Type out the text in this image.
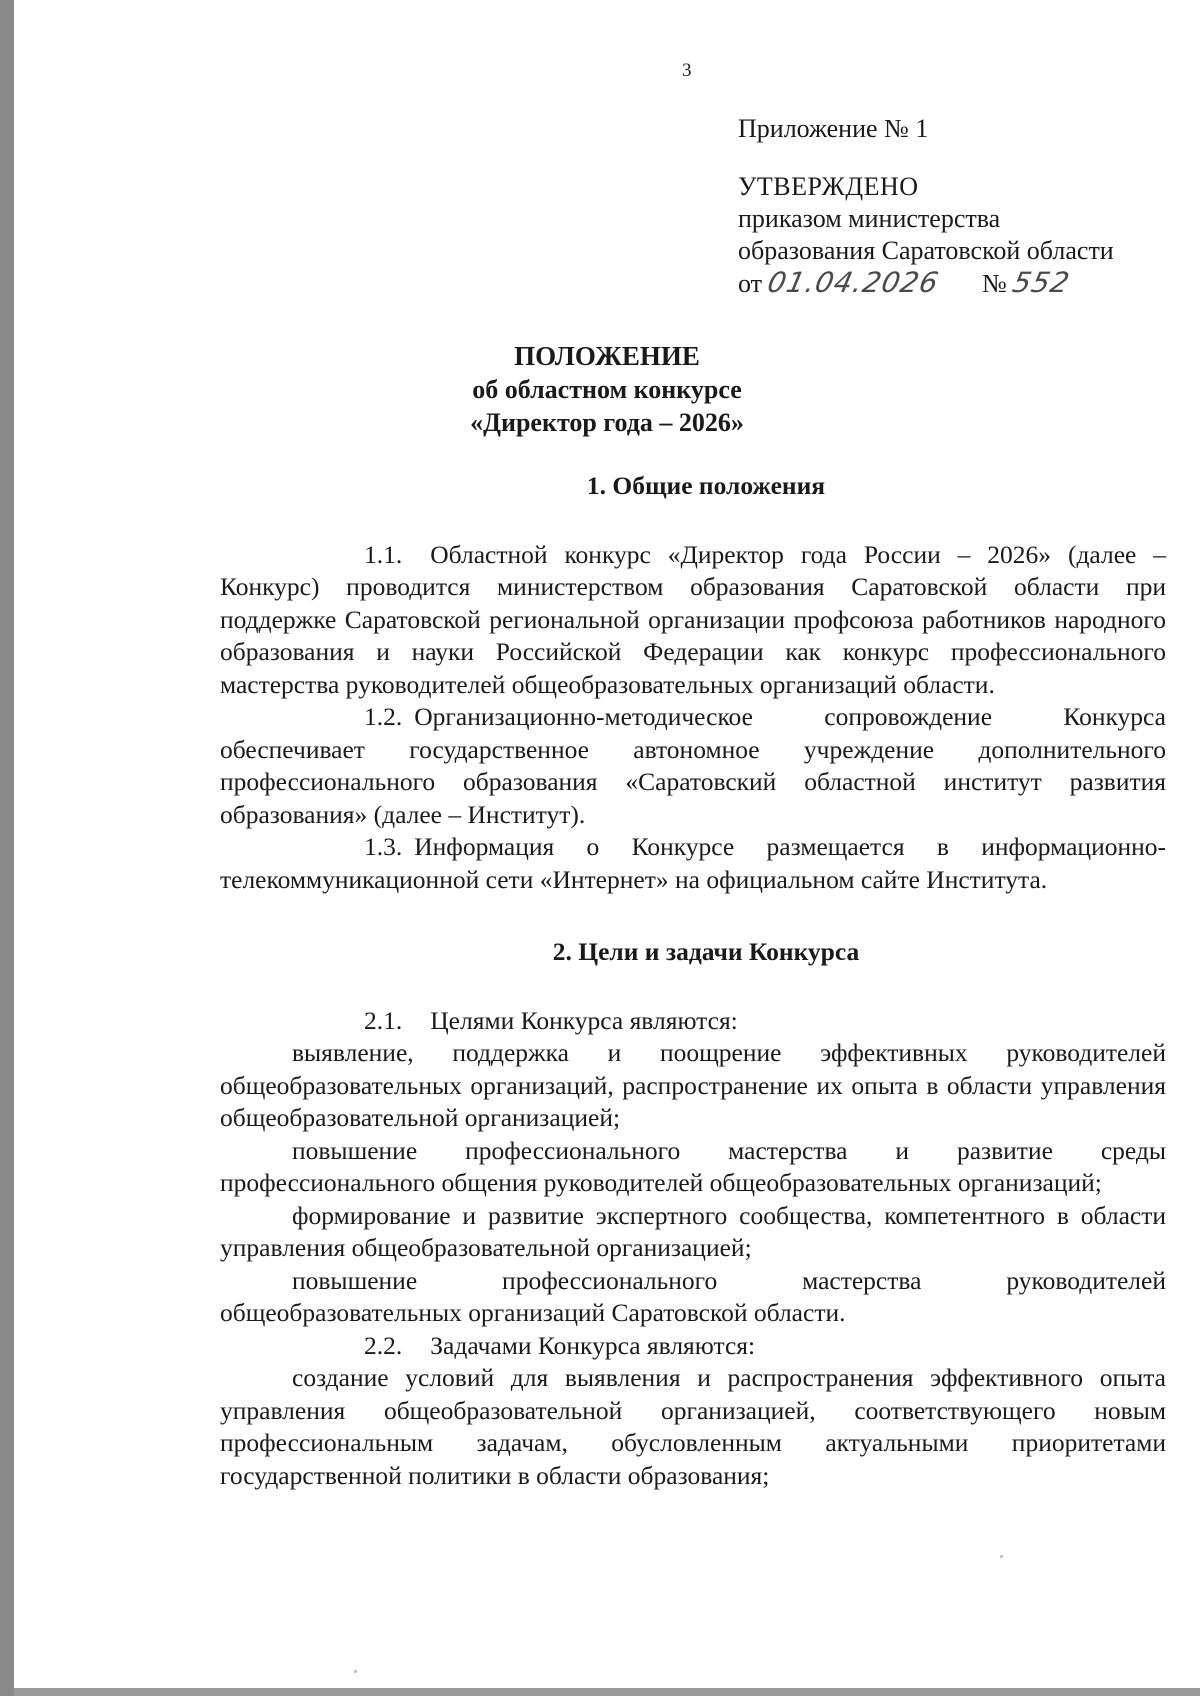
3
Приложение № 1
УТВЕРЖДЕНО
приказом министерства
образования Саратовской области
от 01.04.2026	№ 552
ПОЛОЖЕНИЕ
об областном конкурсе
«Директор года – 2026»
1. Общие положения

1.1. Областной конкурс «Директор года России – 2026» (далее – Конкурс) проводится министерством образования Саратовской области при поддержке Саратовской региональной организации профсоюза работников народного образования и науки Российской Федерации как конкурс профессионального мастерства руководителей общеобразовательных организаций области.

1.2. Организационно-методическое сопровождение Конкурса обеспечивает государственное автономное учреждение дополнительного профессионального образования «Саратовский областной институт развития образования» (далее – Институт).

1.3. Информация о Конкурсе размещается в информационно-телекоммуникационной сети «Интернет» на официальном сайте Института.

2. Цели и задачи Конкурса

2.1. Целями Конкурса являются:

выявление, поддержка и поощрение эффективных руководителей общеобразовательных организаций, распространение их опыта в области управления общеобразовательной организацией;

повышение профессионального мастерства и развитие среды профессионального общения руководителей общеобразовательных организаций;

формирование и развитие экспертного сообщества, компетентного в области управления общеобразовательной организацией;

повышение профессионального мастерства руководителей общеобразовательных организаций Саратовской области.

2.2. Задачами Конкурса являются:

создание условий для выявления и распространения эффективного опыта управления общеобразовательной организацией, соответствующего новым профессиональным задачам, обусловленным актуальными приоритетами государственной политики в области образования;
